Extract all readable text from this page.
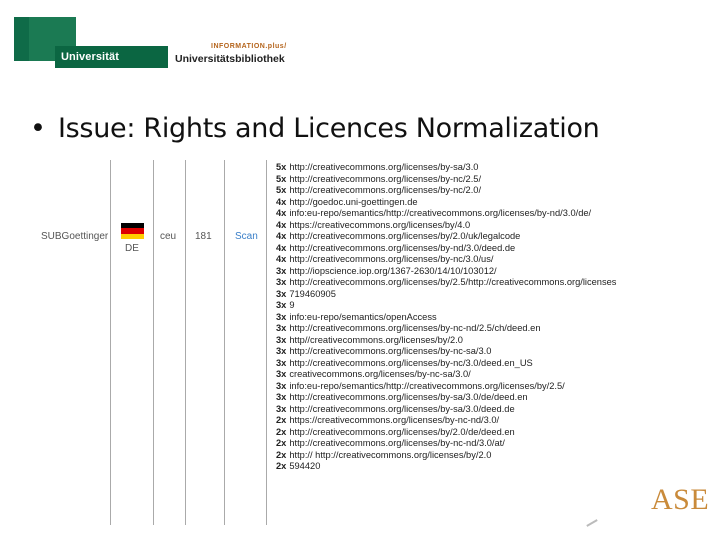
Universität Bielefeld
INFORMATION.plus/
Universitätsbibliothek
• Issue: Rights and Licences Normalization
SUBGoettinger
DE
ceu 181 Scan
5x http://creativecommons.org/licenses/by-sa/3.0
5x http://creativecommons.org/licenses/by-nc/2.5/
5x http://creativecommons.org/licenses/by-nc/2.0/
4x http://goedoc.uni-goettingen.de
4x info:eu-repo/semantics/http://creativecommons.org/licenses/by-nd/3.0/de/
4x https://creativecommons.org/licenses/by/4.0
4x http://creativecommons.org/licenses/by/2.0/uk/legalcode
4x http://creativecommons.org/licenses/by-nd/3.0/deed.de
4x http://creativecommons.org/licenses/by-nc/3.0/us/
3x http://iopscience.iop.org/1367-2630/14/10/103012/
3x http://creativecommons.org/licenses/by/2.5/http://creativecommons.org/licenses
3x 719460905
3x 9
3x info:eu-repo/semantics/openAccess
3x http://creativecommons.org/licenses/by-nc-nd/2.5/ch/deed.en
3x http//creativecommons.org/licenses/by/2.0
3x http://creativecommons.org/licenses/by-nc-sa/3.0
3x http://creativecommons.org/licenses/by-nc/3.0/deed.en_US
3x creativecommons.org/licenses/by-nc-sa/3.0/
3x info:eu-repo/semantics/http://creativecommons.org/licenses/by/2.5/
3x http://creativecommons.org/licenses/by-sa/3.0/de/deed.en
3x http://creativecommons.org/licenses/by-sa/3.0/deed.de
2x https://creativecommons.org/licenses/by-nc-nd/3.0/
2x http://creativecommons.org/licenses/by/2.0/de/deed.en
2x http://creativecommons.org/licenses/by-nc-nd/3.0/at/
2x http:// http://creativecommons.org/licenses/by/2.0
2x 594420
ASE
